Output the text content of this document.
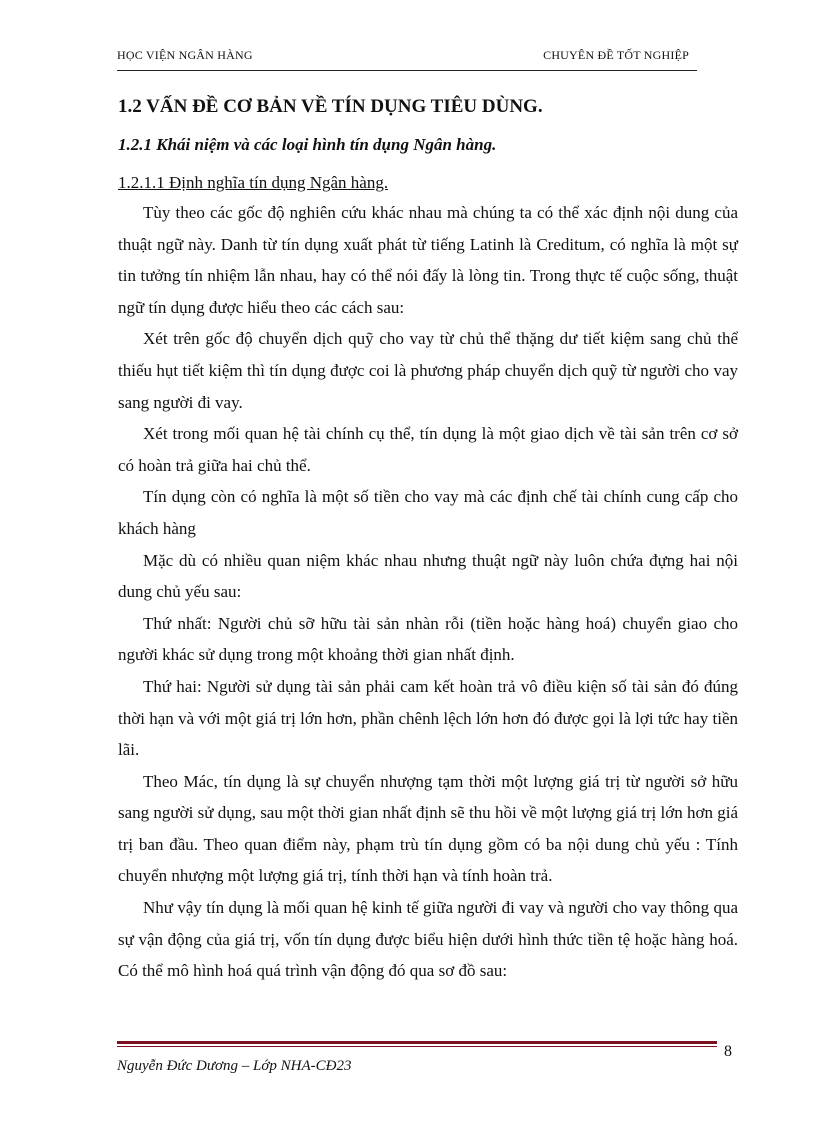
HỌC VIỆN NGÂN HÀNG	CHUYÊN ĐỀ TỐT NGHIỆP
1.2 VẤN ĐỀ CƠ BẢN VỀ TÍN DỤNG TIÊU DÙNG.
1.2.1 Khái niệm và các loại hình tín dụng Ngân hàng.
1.2.1.1 Định nghĩa tín dụng Ngân hàng.

Tùy theo các gốc độ nghiên cứu khác nhau mà chúng ta có thể xác định nội dung của thuật ngữ này. Danh từ tín dụng xuất phát từ tiếng Latinh là Creditum, có nghĩa là một sự tin tưởng tín nhiệm lẫn nhau, hay có thể nói đấy là lòng tin. Trong thực tế cuộc sống, thuật ngữ tín dụng được hiểu theo các cách sau:

Xét trên gốc độ chuyển dịch quỹ cho vay từ chủ thể thặng dư tiết kiệm sang chủ thể thiếu hụt tiết kiệm thì tín dụng được coi là phương pháp chuyển dịch quỹ từ người cho vay sang người đi vay.

Xét trong mối quan hệ tài chính cụ thể, tín dụng là một giao dịch về tài sản trên cơ sở có hoàn trả giữa hai chủ thể.

Tín dụng còn có nghĩa là một số tiền cho vay mà các định chế tài chính cung cấp cho khách hàng

Mặc dù có nhiều quan niệm khác nhau nhưng thuật ngữ này luôn chứa đựng hai nội dung chủ yếu sau:

Thứ nhất: Người chủ sỡ hữu tài sản nhàn rỗi (tiền hoặc hàng hoá) chuyển giao cho người khác sử dụng trong một khoảng thời gian nhất định.

Thứ hai: Người sử dụng tài sản phải cam kết hoàn trả vô điều kiện số tài sản đó đúng thời hạn và với một giá trị lớn hơn, phần chênh lệch lớn hơn đó được gọi là lợi tức hay tiền lãi.

Theo Mác, tín dụng là sự chuyển nhượng tạm thời một lượng giá trị từ người sở hữu sang người sử dụng, sau một thời gian nhất định sẽ thu hồi về một lượng giá trị lớn hơn giá trị ban đầu. Theo quan điểm này, phạm trù tín dụng gồm có ba nội dung chủ yếu : Tính chuyển nhượng một lượng giá trị, tính thời hạn và tính hoàn trả.

Như vậy tín dụng là mối quan hệ kinh tế giữa người đi vay và người cho vay thông qua sự vận động của giá trị, vốn tín dụng được biểu hiện dưới hình thức tiền tệ hoặc hàng hoá. Có thể mô hình hoá quá trình vận động đó qua sơ đồ sau:

8
Nguyễn Đức Dương – Lớp NHA-CĐ23
